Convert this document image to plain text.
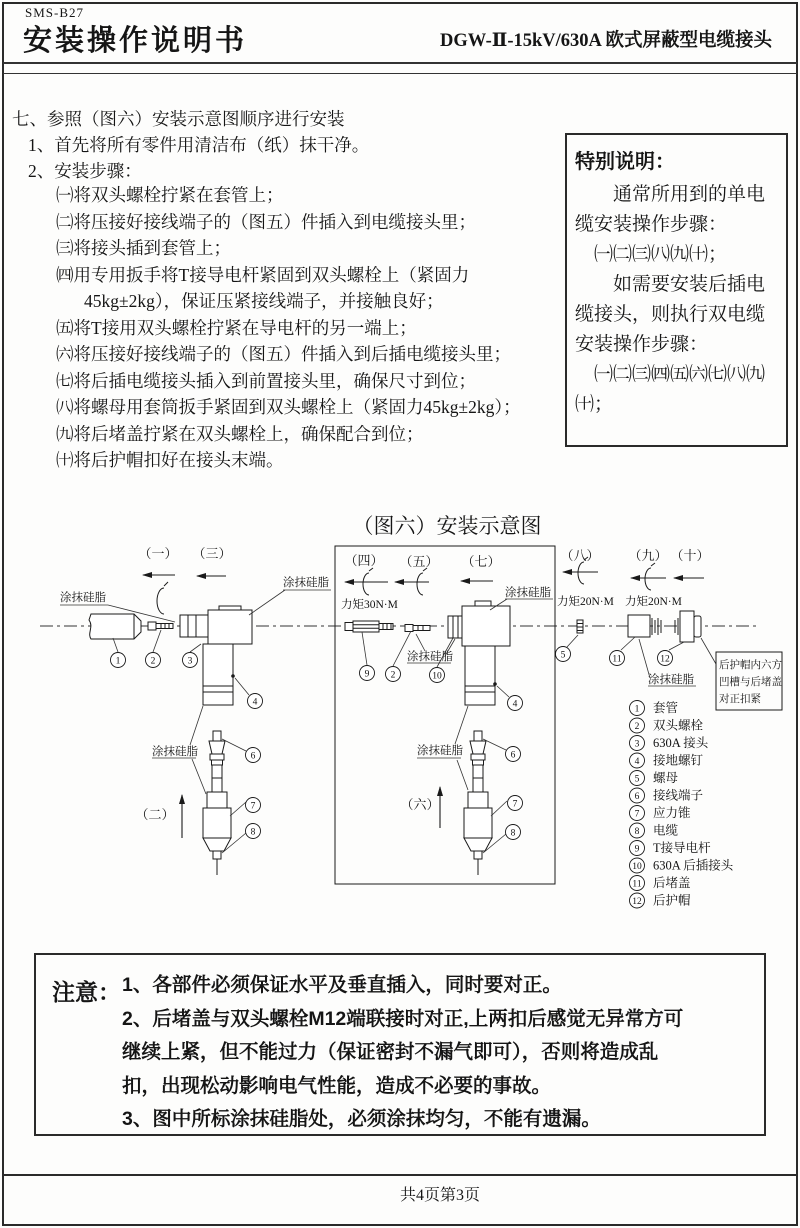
SMS-B27
安装操作说明书	DGW-Ⅱ-15kV/630A 欧式屏蔽型电缆接头
七、参照（图六）安装示意图顺序进行安装
1、首先将所有零件用清洁布（纸）抹干净。
2、安装步骤：
㈠将双头螺栓拧紧在套管上；
㈡将压接好接线端子的（图五）件插入到电缆接头里；
㈢将接头插到套管上；
㈣用专用扳手将T接导电杆紧固到双头螺栓上（紧固力45kg±2kg），保证压紧接线端子，并接触良好；
㈤将T接用双头螺栓拧紧在导电杆的另一端上；
㈥将压接好接线端子的（图五）件插入到后插电缆接头里；
㈦将后插电缆接头插入到前置接头里，确保尺寸到位；
㈧将螺母用套筒扳手紧固到双头螺栓上（紧固力45kg±2kg）；
㈨将后堵盖拧紧在双头螺栓上，确保配合到位；
㈩将后护帽扣好在接头末端。
特别说明：

通常所用到的单电缆安装操作步骤：

㈠㈡㈢㈧㈨㈩；

如需要安装后插电缆接头，则执行双电缆安装操作步骤：

㈠㈡㈢㈣㈤㈥㈦㈧㈨㈩；

（图六）安装示意图
（一） （三）
（二）
涂抹硅脂
涂抹硅脂
涂抹硅脂
1	2	3
4
6
7
8
（四） （五） （七）
力矩30N·M
（六）
涂抹硅脂
涂抹硅脂
涂抹硅脂
9 2	10
4
6
7
8
（八）
力矩20N·M
5
（九） （十）
力矩20N·M
11	12
涂抹硅脂
后护帽内六方
凹槽与后堵盖
对正扣紧
1 套管
2 双头螺栓
3 630A 接头
4 接地螺钉
5 螺母
6 接线端子
7 应力锥
8 电缆
9 T接导电杆
10 630A 后插接头
11 后堵盖
12 后护帽
注意： 1、各部件必须保证水平及垂直插入，同时要对正。
2、后堵盖与双头螺栓M12端联接时对正,上两扣后感觉无异常方可
继续上紧，但不能过力（保证密封不漏气即可），否则将造成乱
扣，出现松动影响电气性能，造成不必要的事故。
3、图中所标涂抹硅脂处，必须涂抹均匀，不能有遗漏。
共4页第3页
